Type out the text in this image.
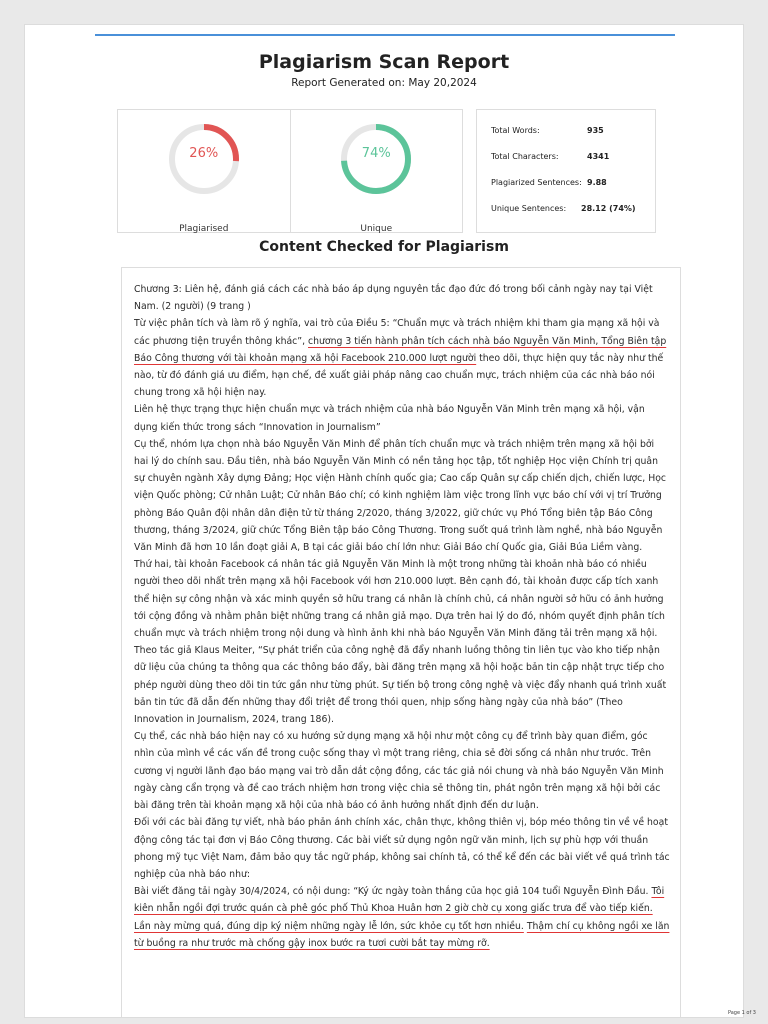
Plagiarism Scan Report
Report Generated on: May 20,2024
26%
Plagiarised
74%
Unique
Total Words:	935
Total Characters:	4341
Plagiarized Sentences: 9.88
Unique Sentences: 28.12 (74%)
Content Checked for Plagiarism

Chương 3: Liên hệ, đánh giá cách các nhà báo áp dụng nguyên tắc đạo đức đó trong bối cảnh ngày nay tại Việt Nam. (2 người) (9 trang )

Từ việc phân tích và làm rõ ý nghĩa, vai trò của Điều 5: “Chuẩn mực và trách nhiệm khi tham gia mạng xã hội và các phương tiện truyền thông khác”, chương 3 tiến hành phân tích cách nhà báo Nguyễn Văn Minh, Tổng Biên tập Báo Công thương với tài khoản mạng xã hội Facebook 210.000 lượt người theo dõi, thực hiện quy tắc này như thế nào, từ đó đánh giá ưu điểm, hạn chế, đề xuất giải pháp nâng cao chuẩn mực, trách nhiệm của các nhà báo nói chung trong xã hội hiện nay.

Liên hệ thực trạng thực hiện chuẩn mực và trách nhiệm của nhà báo Nguyễn Văn Minh trên mạng xã hội, vận dụng kiến thức trong sách “Innovation in Journalism”

Cụ thể, nhóm lựa chọn nhà báo Nguyễn Văn Minh để phân tích chuẩn mực và trách nhiệm trên mạng xã hội bởi hai lý do chính sau. Đầu tiên, nhà báo Nguyễn Văn Minh có nền tảng học tập, tốt nghiệp Học viện Chính trị quân sự chuyên ngành Xây dựng Đảng; Học viện Hành chính quốc gia; Cao cấp Quân sự cấp chiến dịch, chiến lược, Học viện Quốc phòng; Cử nhân Luật; Cử nhân Báo chí; có kinh nghiệm làm việc trong lĩnh vực báo chí với vị trí Trưởng phòng Báo Quân đội nhân dân điện tử từ tháng 2/2020, tháng 3/2022, giữ chức vụ Phó Tổng biên tập Báo Công thương, tháng 3/2024, giữ chức Tổng Biên tập báo Công Thương. Trong suốt quá trình làm nghề, nhà báo Nguyễn Văn Minh đã hơn 10 lần đoạt giải A, B tại các giải báo chí lớn như: Giải Báo chí Quốc gia, Giải Búa Liềm vàng.

Thứ hai, tài khoản Facebook cá nhân tác giả Nguyễn Văn Minh là một trong những tài khoản nhà báo có nhiều người theo dõi nhất trên mạng xã hội Facebook với hơn 210.000 lượt. Bên cạnh đó, tài khoản được cấp tích xanh thể hiện sự công nhận và xác minh quyền sở hữu trang cá nhân là chính chủ, cá nhân người sở hữu có ảnh hưởng tới cộng đồng và nhằm phân biệt những trang cá nhân giả mạo. Dựa trên hai lý do đó, nhóm quyết định phân tích chuẩn mực và trách nhiệm trong nội dung và hình ảnh khi nhà báo Nguyễn Văn Minh đăng tải trên mạng xã hội.

Theo tác giả Klaus Meiter, “Sự phát triển của công nghệ đã đẩy nhanh luồng thông tin liên tục vào kho tiếp nhận dữ liệu của chúng ta thông qua các thông báo đẩy, bài đăng trên mạng xã hội hoặc bản tin cập nhật trực tiếp cho phép người dùng theo dõi tin tức gần như từng phút. Sự tiến bộ trong công nghệ và việc đẩy nhanh quá trình xuất bản tin tức đã dẫn đến những thay đổi triệt để trong thói quen, nhịp sống hàng ngày của nhà báo” (Theo Innovation in Journalism, 2024, trang 186).

Cụ thể, các nhà báo hiện nay có xu hướng sử dụng mạng xã hội như một công cụ để trình bày quan điểm, góc nhìn của mình về các vấn đề trong cuộc sống thay vì một trang riêng, chia sẻ đời sống cá nhân như trước. Trên cương vị người lãnh đạo báo mạng vai trò dẫn dắt cộng đồng, các tác giả nói chung và nhà báo Nguyễn Văn Minh ngày càng cẩn trọng và đề cao trách nhiệm hơn trong việc chia sẻ thông tin, phát ngôn trên mạng xã hội bởi các bài đăng trên tài khoản mạng xã hội của nhà báo có ảnh hưởng nhất định đến dư luận.

Đối với các bài đăng tự viết, nhà báo phản ánh chính xác, chân thực, không thiên vị, bóp méo thông tin về về hoạt động công tác tại đơn vị Báo Công thương. Các bài viết sử dụng ngôn ngữ văn minh, lịch sự phù hợp với thuần phong mỹ tục Việt Nam, đảm bảo quy tắc ngữ pháp, không sai chính tả, có thể kể đến các bài viết về quá trình tác nghiệp của nhà báo như:

Bài viết đăng tải ngày 30/4/2024, có nội dung: “Ký ức ngày toàn thắng của học giả 104 tuổi Nguyễn Đình Đầu. Tôi kiên nhẫn ngồi đợi trước quán cà phê góc phố Thủ Khoa Huân hơn 2 giờ chờ cụ xong giấc trưa để vào tiếp kiến. Lần này mừng quá, đúng dịp ký niệm những ngày lễ lớn, sức khỏe cụ tốt hơn nhiều. Thậm chí cụ không ngồi xe lăn từ buồng ra như trước mà chống gậy inox bước ra tươi cười bắt tay mừng rỡ.

Page 1 of 3
